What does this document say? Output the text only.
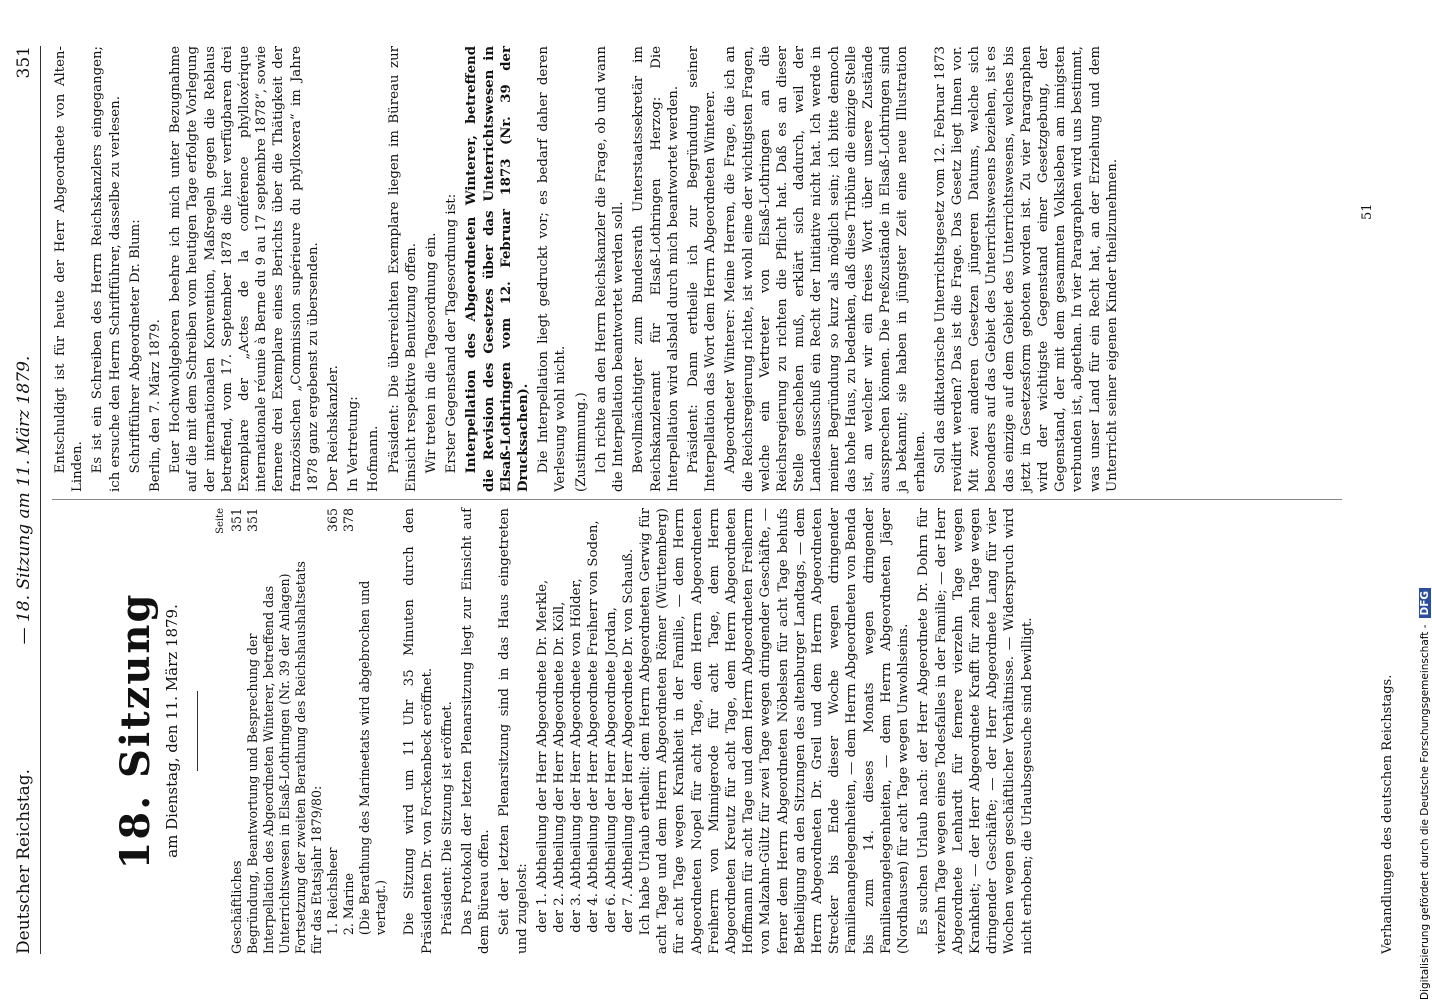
Deutscher Reichstag.
— 18. Sitzung am 11. März 1879.
351
18. Sitzung am Dienstag, den 11. März 1879.
Seite
Geschäftliches
351
Begründung, Beantwortung und Besprechung der Interpellation des Abgeordneten Winterer, betreffend das Unterrichtswesen in Elsaß-Lothringen (Nr. 39 der Anlagen)
351
Fortsetzung der zweiten Berathung des Reichshaushaltsetats für das Etatsjahr 1879/80: 1. Reichsheer
365
2. Marine
378
(Die Berathung des Marineetats wird abgebrochen und vertagt.) Die Sitzung wird um 11 Uhr 35 Minuten durch den Präsidenten Dr. von Forckenbeck eröffnet. Präsident: Die Sitzung ist eröffnet. Das Protokoll der letzten Plenarsitzung liegt zur Einsicht auf dem Büreau offen. Seit der letzten Plenarsitzung sind in das Haus eingetreten und zugelost: der 1. Abtheilung der Herr Abgeordnete Dr. Merkle, der 2. Abtheilung der Herr Abgeordnete Dr. Köll, der 3. Abtheilung der Herr Abgeordnete von Hölder, der 4. Abtheilung der Herr Abgeordnete Freiherr von Soden, der 6. Abtheilung der Herr Abgeordnete Jordan, der 7. Abtheilung der Herr Abgeordnete Dr. von Schauß. Ich habe Urlaub ertheilt: dem Herrn Abgeordneten Gerwig für acht Tage und dem Herrn Abgeordneten Römer (Württemberg) für acht Tage wegen Krankheit in der Familie, — dem Herrn Abgeordneten Nopel für acht Tage, dem Herrn Abgeordneten Freiherrn von Minnigerode für acht Tage, dem Herrn Abgeordneten Kreutz für acht Tage, dem Herrn Abgeordneten Hoffmann für acht Tage und dem Herrn Abgeordneten Freiherrn von Malzahn-Gültz für zwei Tage wegen dringender Geschäfte, — ferner dem Herrn Abgeordneten Nöbelsen für acht Tage behufs Betheiligung an den Sitzungen des altenburger Landtags, — dem Herrn Abgeordneten Dr. Greil und dem Herrn Abgeordneten Strecker bis Ende dieser Woche wegen dringender Familienangelegenheiten, — dem Herrn Abgeordneten von Benda bis zum 14. dieses Monats wegen dringender Familienangelegenheiten, — dem Herrn Abgeordneten Jäger (Nordhausen) für acht Tage wegen Unwohlseins. Es suchen Urlaub nach: der Herr Abgeordnete Dr. Dohrn für vierzehn Tage wegen eines Todesfalles in der Familie; — der Herr Abgeordnete Lenhardt für fernere vierzehn Tage wegen Krankheit; — der Herr Abgeordnete Krafft für zehn Tage wegen dringender Geschäfte; — der Herr Abgeordnete Lang für vier Wochen wegen geschäftlicher Verhältnisse. — Widerspruch wird nicht erhoben; die Urlaubsgesuche sind bewilligt.

Entschuldigt ist für heute der Herr Abgeordnete von Alten-Linden. Es ist ein Schreiben des Herrn Reichskanzlers eingegangen; ich ersuche den Herrn Schriftführer, dasselbe zu verlesen. Schriftführer Abgeordneter Dr. Blum: Berlin, den 7. März 1879. Euer Hochwohlgeboren beehre ich mich unter Bezugnahme auf die mit dem Schreiben vom heutigen Tage erfolgte Vorlegung der internationalen Konvention, Maßregeln gegen die Reblaus betreffend, vom 17. September 1878 die hier verfügbaren drei Exemplare der „Actes de la conférence phylloxérique internationale réunie à Berne du 9 au 17 septembre 1878“, sowie fernere drei Exemplare eines Berichts über die Thätigkeit der französischen „Commission supérieure du phylloxera“ im Jahre 1878 ganz ergebenst zu übersenden. Der Reichskanzler. In Vertretung: Hofmann. Präsident: Die überreichten Exemplare liegen im Büreau zur Einsicht respektive Benutzung offen. Wir treten in die Tagesordnung ein. Erster Gegenstand der Tagesordnung ist: Interpellation des Abgeordneten Winterer, betreffend die Revision des Gesetzes über das Unterrichtswesen in Elsaß-Lothringen vom 12. Februar 1873 (Nr. 39 der Drucksachen). Die Interpellation liegt gedruckt vor; es bedarf daher deren Verlesung wohl nicht. (Zustimmung.) Ich richte an den Herrn Reichskanzler die Frage, ob und wann die Interpellation beantwortet werden soll. Bevollmächtigter zum Bundesrath Unterstaatssekretär im Reichskanzleramt für Elsaß-Lothringen Herzog: Die Interpellation wird alsbald durch mich beantwortet werden. Präsident: Dann ertheile ich zur Begründung seiner Interpellation das Wort dem Herrn Abgeordneten Winterer. Abgeordneter Winterer: Meine Herren, die Frage, die ich an die Reichsregierung richte, ist wohl eine der wichtigsten Fragen, welche ein Vertreter von Elsaß-Lothringen an die Reichsregierung zu richten die Pflicht hat. Daß es an dieser Stelle geschehen muß, erklärt sich dadurch, weil der Landesausschuß ein Recht der Initiative nicht hat. Ich werde in meiner Begründung so kurz als möglich sein; ich bitte dennoch das hohe Haus, zu bedenken, daß diese Tribüne die einzige Stelle ist, an welcher wir ein freies Wort über unsere Zustände aussprechen können. Die Preßzustände in Elsaß-Lothringen sind ja bekannt; sie haben in jüngster Zeit eine neue Illustration erhalten. Soll das diktatorische Unterrichtsgesetz vom 12. Februar 1873 revidirt werden? Das ist die Frage. Das Gesetz liegt Ihnen vor. Mit zwei anderen Gesetzen jüngeren Datums, welche sich besonders auf das Gebiet des Unterrichtswesens beziehen, ist es das einzige auf dem Gebiet des Unterrichtswesens, welches bis jetzt in Gesetzesform geboten worden ist. Zu vier Paragraphen wird der wichtigste Gegenstand einer Gesetzgebung, der Gegenstand, der mit dem gesammten Volksleben am innigsten verbunden ist, abgethan. In vier Paragraphen wird uns bestimmt, was unser Land für ein Recht hat, an der Erziehung und dem Unterricht seiner eigenen Kinder theilzunehmen.

Verhandlungen des deutschen Reichstags.
51
Digitalisierung gefördert durch die Deutsche Forschungsgemeinschaft -DFG
